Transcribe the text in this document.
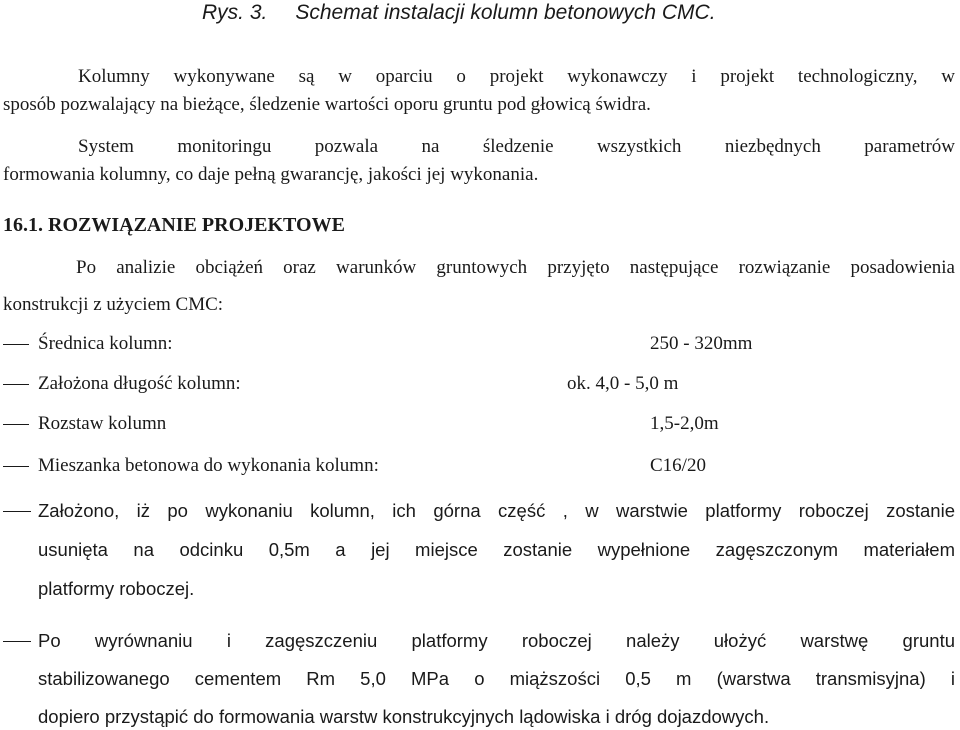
Rys. 3. Schemat instalacji kolumn betonowych CMC.
Kolumny wykonywane są w oparciu o projekt wykonawczy i projekt technologiczny, w
sposób pozwalający na bieżące, śledzenie wartości oporu gruntu pod głowicą świdra.
System monitoringu pozwala na śledzenie wszystkich niezbędnych parametrów
formowania kolumny, co daje pełną gwarancję, jakości jej wykonania.
16.1. ROZWIĄZANIE PROJEKTOWE
Po analizie obciążeń oraz warunków gruntowych przyjęto następujące rozwiązanie posadowienia
konstrukcji z użyciem CMC:
Średnica kolumn:	250 - 320mm
Założona długość kolumn:	ok. 4,0 - 5,0 m
Rozstaw kolumn	1,5-2,0m
Mieszanka betonowa do wykonania kolumn:	C16/20
Założono, iż po wykonaniu kolumn, ich górna część , w warstwie platformy roboczej zostanie
usunięta na odcinku 0,5m a jej miejsce zostanie wypełnione zagęszczonym materiałem
platformy roboczej.
Po wyrównaniu i zagęszczeniu platformy roboczej należy ułożyć warstwę gruntu
stabilizowanego cementem Rm 5,0 MPa o miąższości 0,5 m (warstwa transmisyjna) i
dopiero przystąpić do formowania warstw konstrukcyjnych lądowiska i dróg dojazdowych.
